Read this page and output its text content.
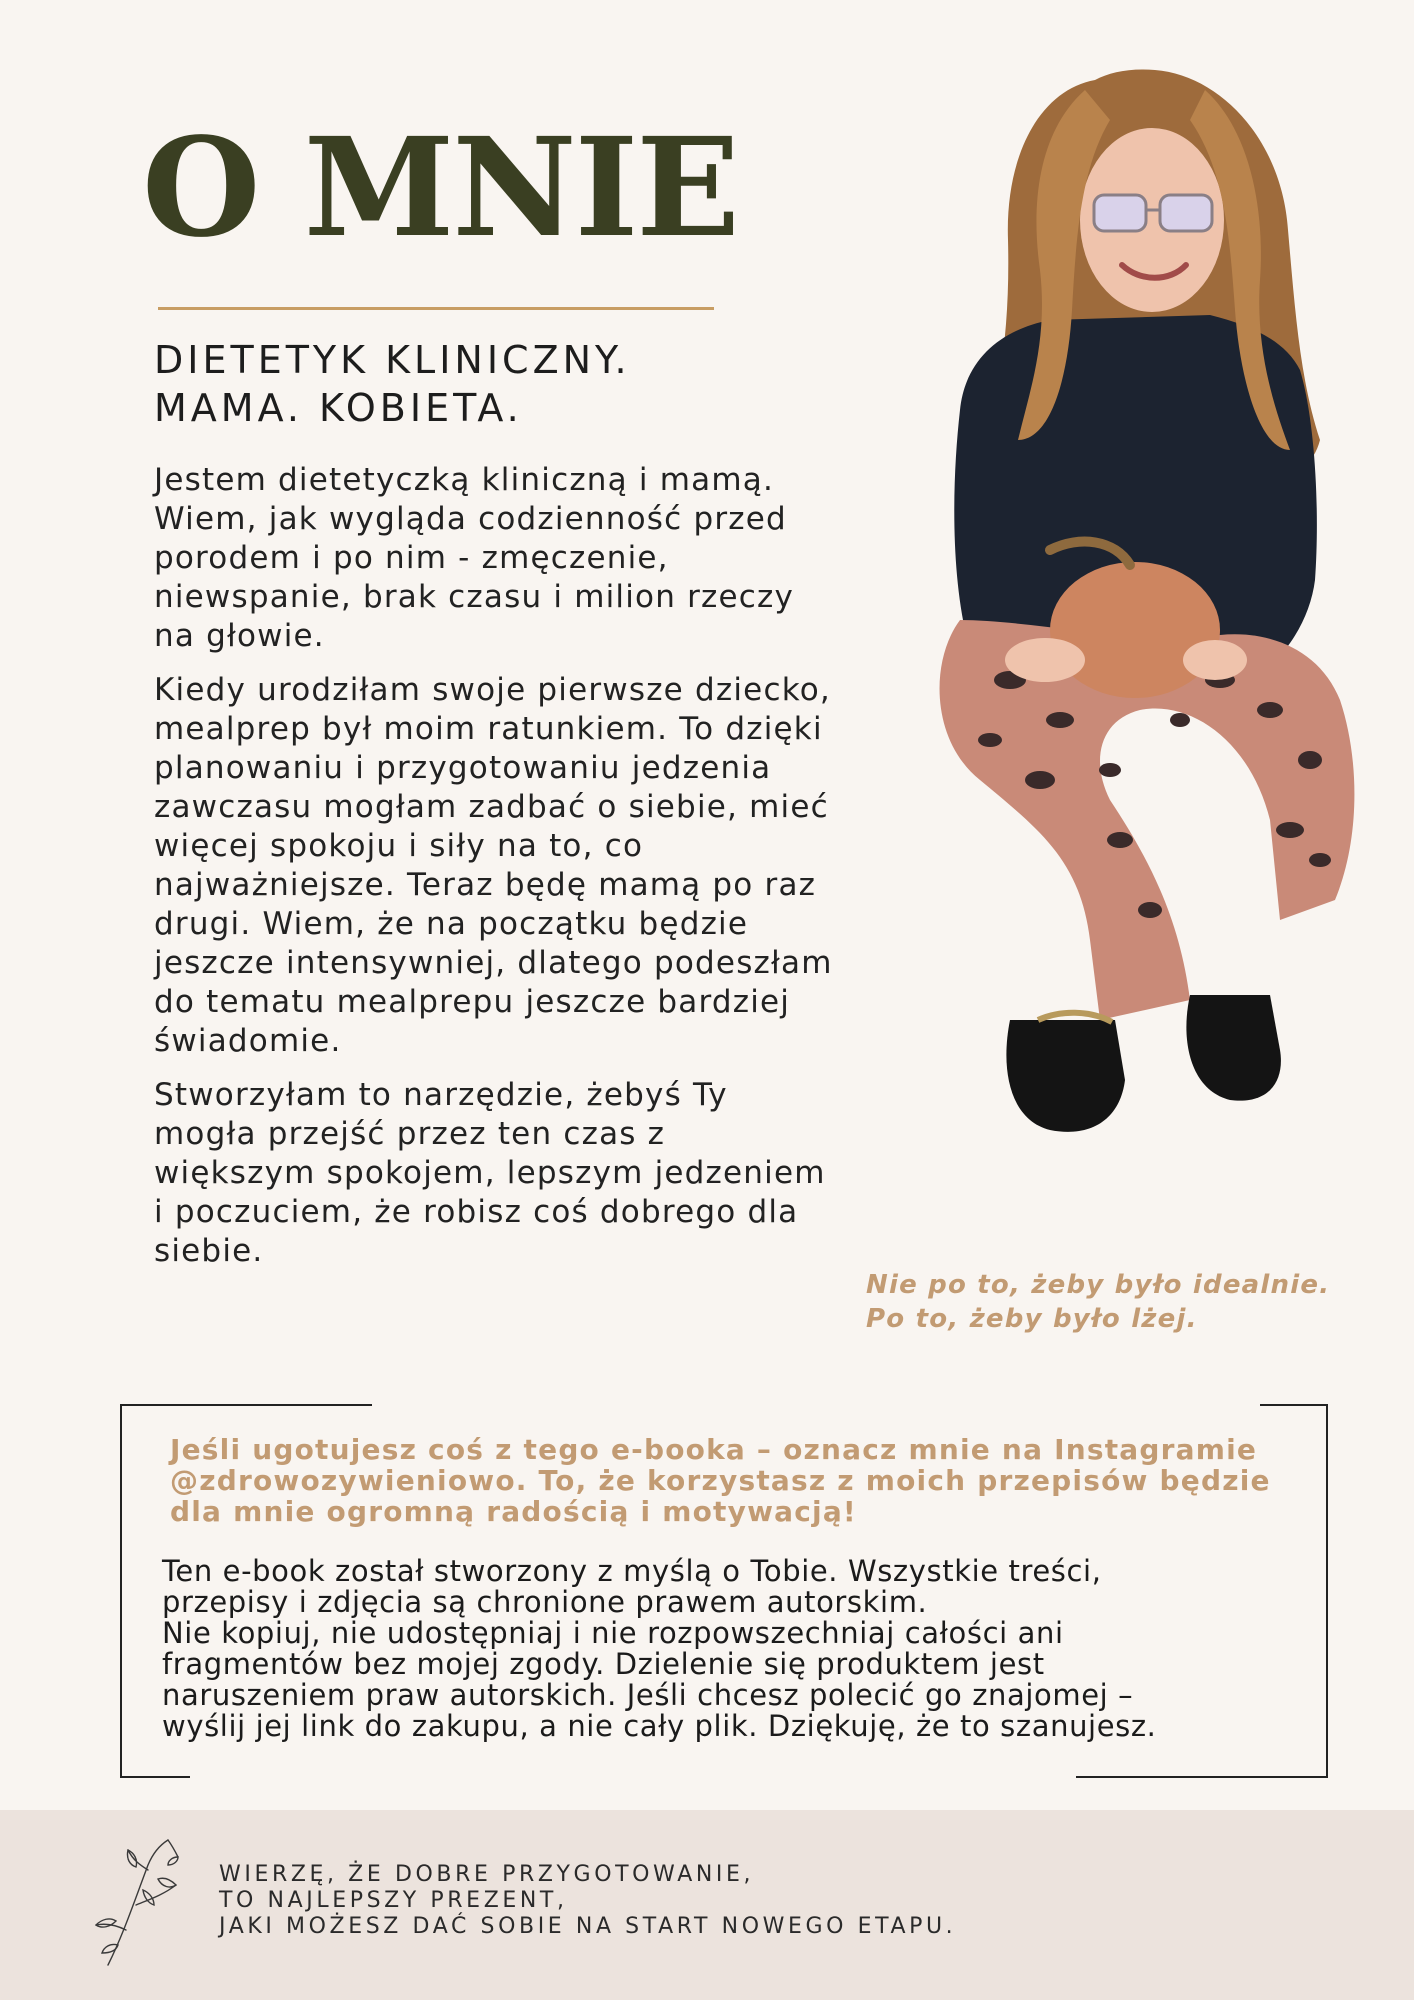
O MNIE
DIETETYK KLINICZNY.
MAMA. KOBIETA.

Jestem dietetyczką kliniczną i mamą. Wiem, jak wygląda codzienność przed porodem i po nim - zmęczenie, niewspanie, brak czasu i milion rzeczy na głowie.

Kiedy urodziłam swoje pierwsze dziecko, mealprep był moim ratunkiem. To dzięki planowaniu i przygotowaniu jedzenia zawczasu mogłam zadbać o siebie, mieć więcej spokoju i siły na to, co najważniejsze. Teraz będę mamą po raz drugi. Wiem, że na początku będzie jeszcze intensywniej, dlatego podeszłam do tematu mealprepu jeszcze bardziej świadomie.

Stworzyłam to narzędzie, żebyś Ty mogła przejść przez ten czas z większym spokojem, lepszym jedzeniem i poczuciem, że robisz coś dobrego dla siebie.

Nie po to, żeby było idealnie.
Po to, żeby było lżej.
Jeśli ugotujesz coś z tego e-booka – oznacz mnie na Instagramie @zdrowozywieniowo. To, że korzystasz z moich przepisów będzie dla mnie ogromną radością i motywacją!
Ten e-book został stworzony z myślą o Tobie. Wszystkie treści,
przepisy i zdjęcia są chronione prawem autorskim.
Nie kopiuj, nie udostępniaj i nie rozpowszechniaj całości ani
fragmentów bez mojej zgody. Dzielenie się produktem jest
naruszeniem praw autorskich. Jeśli chcesz polecić go znajomej –
wyślij jej link do zakupu, a nie cały plik. Dziękuję, że to szanujesz.
WIERZĘ, ŻE DOBRE PRZYGOTOWANIE,
TO NAJLEPSZY PREZENT,
JAKI MOŻESZ DAĆ SOBIE NA START NOWEGO ETAPU.
